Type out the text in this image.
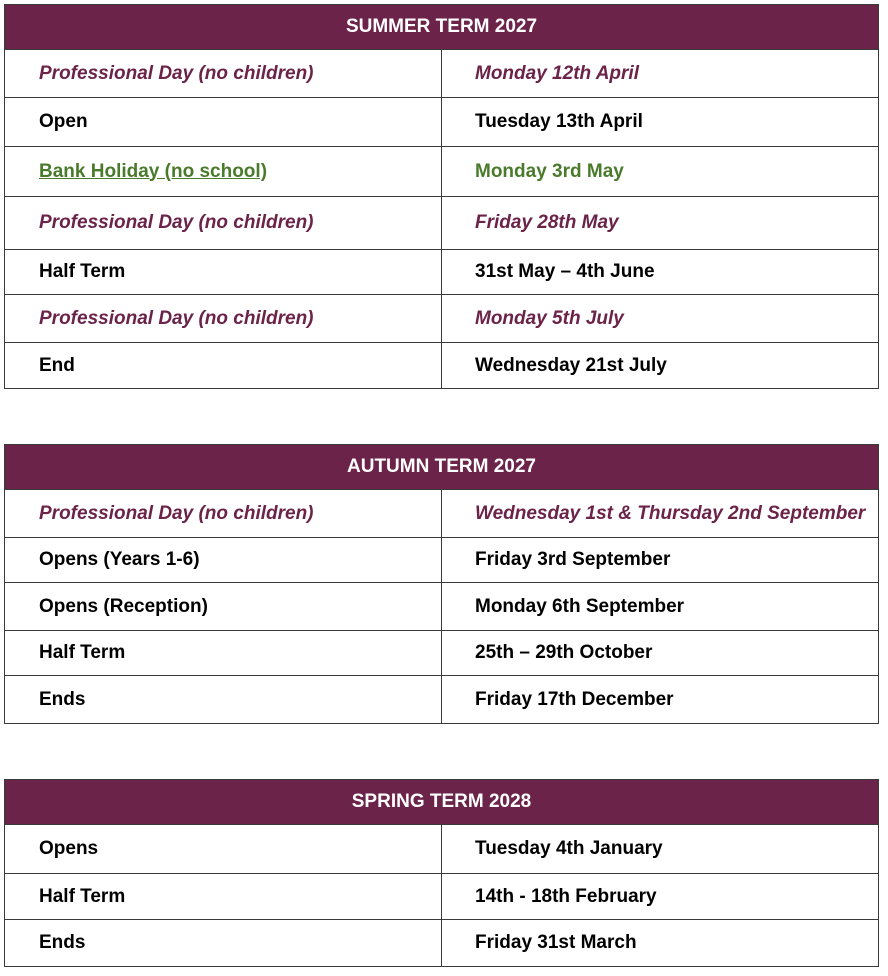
SUMMER TERM 2027	
Professional Day (no children)	Monday 12th April
Open	Tuesday 13th April
Bank Holiday (no school)	Monday 3rd May
Professional Day (no children)	Friday 28th May
Half Term	31st May – 4th June
Professional Day (no children)	Monday 5th July
End	Wednesday 21st July
AUTUMN TERM 2027	
Professional Day (no children)	Wednesday 1st & Thursday 2nd September
Opens (Years 1-6)	Friday 3rd September
Opens (Reception)	Monday 6th September
Half Term	25th – 29th October
Ends	Friday 17th December
SPRING TERM 2028	
Opens	Tuesday 4th January
Half Term	14th - 18th February
Ends	Friday 31st March
